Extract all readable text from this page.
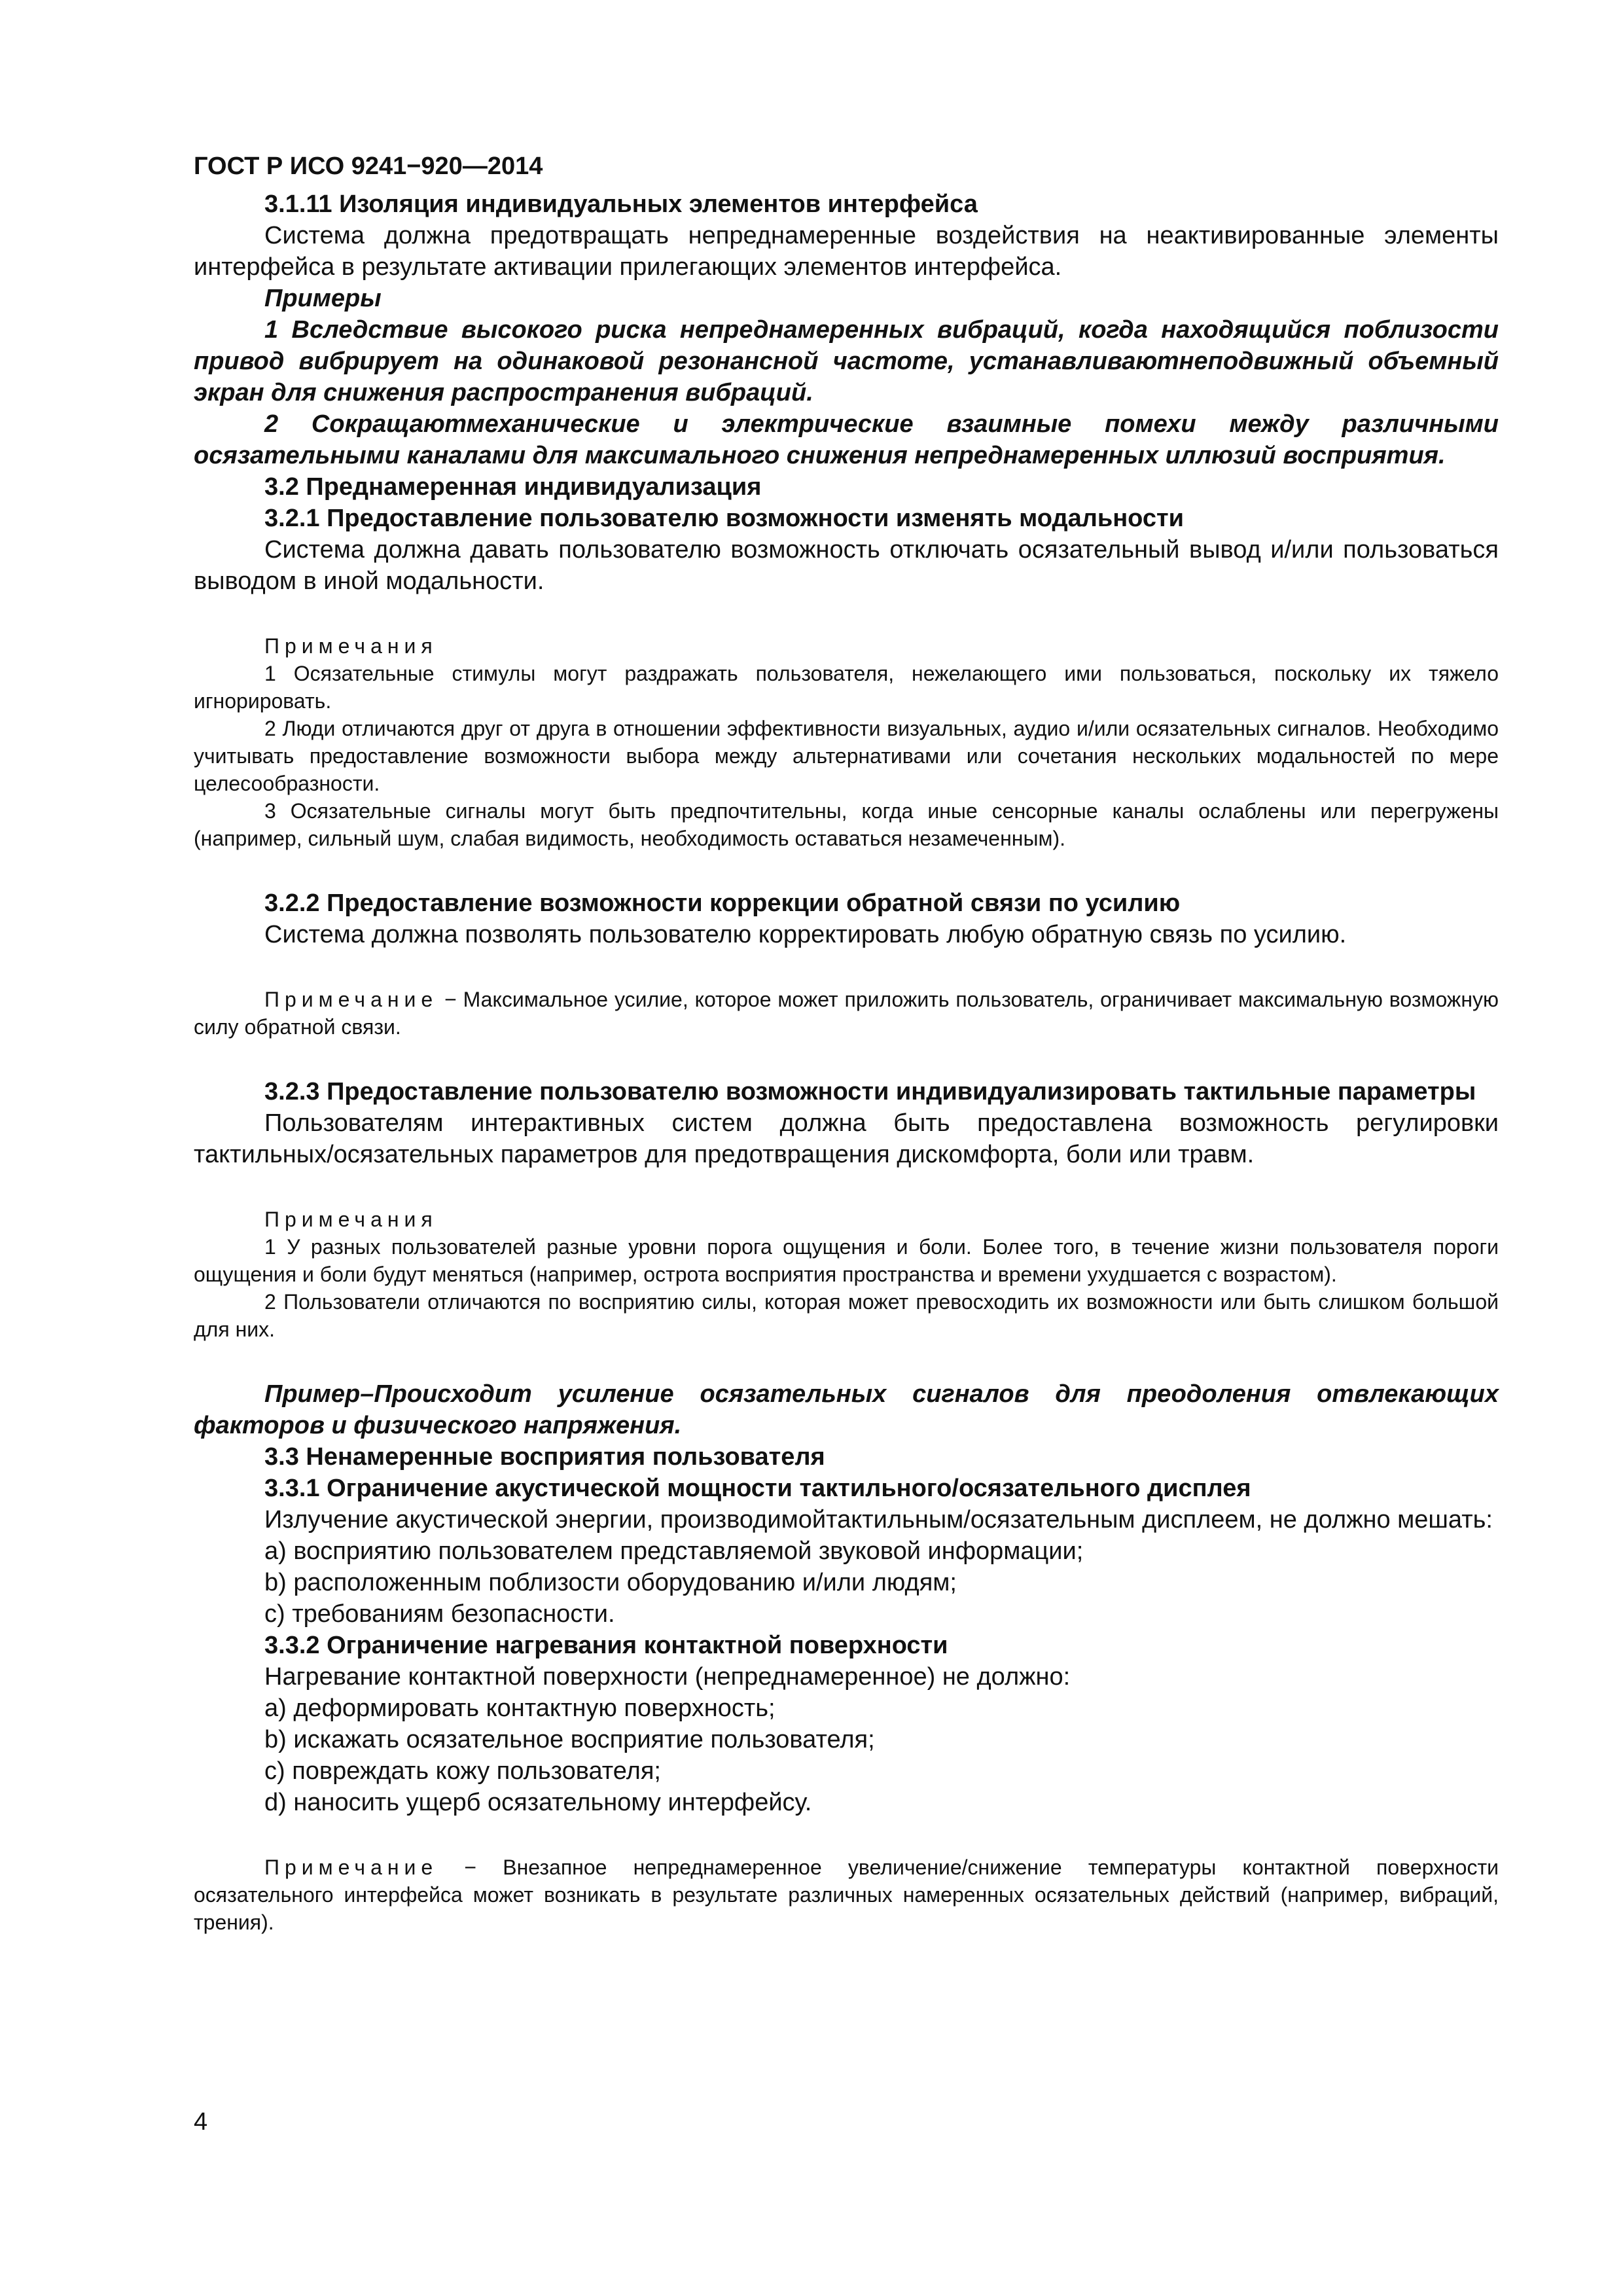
ГОСТ Р ИСО 9241−920—2014

3.1.11 Изоляция индивидуальных элементов интерфейса

Система должна предотвращать непреднамеренные воздействия на неактивированные элементы интерфейса в результате активации прилегающих элементов интерфейса.

Примеры

1 Вследствие высокого риска непреднамеренных вибраций, когда находящийся поблизости привод вибрирует на одинаковой резонансной частоте, устанавливаютнеподвижный объемный экран для снижения распространения вибраций.

2 Сокращаютмеханические и электрические взаимные помехи между различными осязательными каналами для максимального снижения непреднамеренных иллюзий восприятия.

3.2 Преднамеренная индивидуализация

3.2.1 Предоставление пользователю возможности изменять модальности

Система должна давать пользователю возможность отключать осязательный вывод и/или пользоваться выводом в иной модальности.

Примечания

1 Осязательные стимулы могут раздражать пользователя, нежелающего ими пользоваться, поскольку их тяжело игнорировать.

2 Люди отличаются друг от друга в отношении эффективности визуальных, аудио и/или осязательных сигналов. Необходимо учитывать предоставление возможности выбора между альтернативами или сочетания нескольких модальностей по мере целесообразности.

3 Осязательные сигналы могут быть предпочтительны, когда иные сенсорные каналы ослаблены или перегружены (например, сильный шум, слабая видимость, необходимость оставаться незамеченным).

3.2.2 Предоставление возможности коррекции обратной связи по усилию

Система должна позволять пользователю корректировать любую обратную связь по усилию.

Примечание − Максимальное усилие, которое может приложить пользователь, ограничивает максимальную возможную силу обратной связи.

3.2.3 Предоставление пользователю возможности индивидуализировать тактильные параметры

Пользователям интерактивных систем должна быть предоставлена возможность регулировки тактильных/осязательных параметров для предотвращения дискомфорта, боли или травм.

Примечания

1 У разных пользователей разные уровни порога ощущения и боли. Более того, в течение жизни пользователя пороги ощущения и боли будут меняться (например, острота восприятия пространства и времени ухудшается с возрастом).

2 Пользователи отличаются по восприятию силы, которая может превосходить их возможности или быть слишком большой для них.

Пример–Происходит усиление осязательных сигналов для преодоления отвлекающих факторов и физического напряжения.

3.3 Ненамеренные восприятия пользователя

3.3.1 Ограничение акустической мощности тактильного/осязательного дисплея

Излучение акустической энергии, производимойтактильным/осязательным дисплеем, не должно мешать:

a) восприятию пользователем представляемой звуковой информации;

b) расположенным поблизости оборудованию и/или людям;

c) требованиям безопасности.

3.3.2 Ограничение нагревания контактной поверхности

Нагревание контактной поверхности (непреднамеренное) не должно:

a) деформировать контактную поверхность;

b) искажать осязательное восприятие пользователя;

c) повреждать кожу пользователя;

d) наносить ущерб осязательному интерфейсу.

Примечание − Внезапное непреднамеренное увеличение/снижение температуры контактной поверхности осязательного интерфейса может возникать в результате различных намеренных осязательных действий (например, вибраций, трения).

4
